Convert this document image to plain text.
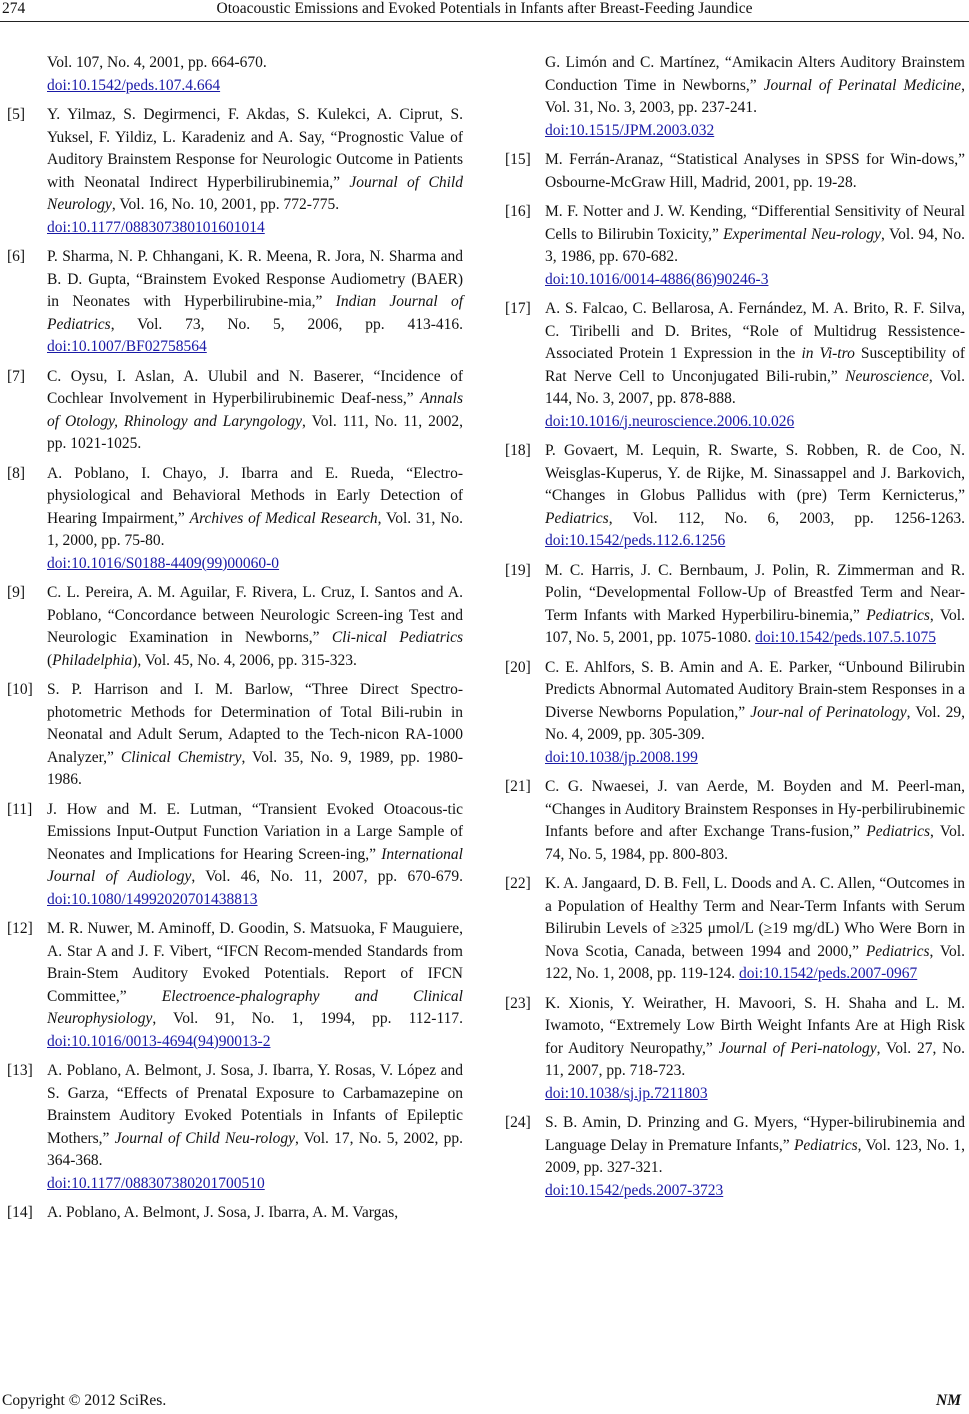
274	Otoacoustic Emissions and Evoked Potentials in Infants after Breast-Feeding Jaundice
Vol. 107, No. 4, 2001, pp. 664-670.
doi:10.1542/peds.107.4.664
[5] Y. Yilmaz, S. Degirmenci, F. Akdas, S. Kulekci, A. Ciprut, S. Yuksel, F. Yildiz, L. Karadeniz and A. Say, “Prognostic Value of Auditory Brainstem Response for Neurologic Outcome in Patients with Neonatal Indirect Hyperbilirubinemia,” Journal of Child Neurology, Vol. 16, No. 10, 2001, pp. 772-775.
doi:10.1177/088307380101601014
[6] P. Sharma, N. P. Chhangani, K. R. Meena, R. Jora, N. Sharma and B. D. Gupta, “Brainstem Evoked Response Audiometry (BAER) in Neonates with Hyperbilirubine-mia,” Indian Journal of Pediatrics, Vol. 73, No. 5, 2006, pp. 413-416. doi:10.1007/BF02758564
[7] C. Oysu, I. Aslan, A. Ulubil and N. Baserer, “Incidence of Cochlear Involvement in Hyperbilirubinemic Deaf-ness,” Annals of Otology, Rhinology and Laryngology, Vol. 111, No. 11, 2002, pp. 1021-1025.
[8] A. Poblano, I. Chayo, J. Ibarra and E. Rueda, “Electro-physiological and Behavioral Methods in Early Detection of Hearing Impairment,” Archives of Medical Research, Vol. 31, No. 1, 2000, pp. 75-80.
doi:10.1016/S0188-4409(99)00060-0
[9] C. L. Pereira, A. M. Aguilar, F. Rivera, L. Cruz, I. Santos and A. Poblano, “Concordance between Neurologic Screen-ing Test and Neurologic Examination in Newborns,” Cli-nical Pediatrics (Philadelphia), Vol. 45, No. 4, 2006, pp. 315-323.
[10] S. P. Harrison and I. M. Barlow, “Three Direct Spectro-photometric Methods for Determination of Total Bili-rubin in Neonatal and Adult Serum, Adapted to the Tech-nicon RA-1000 Analyzer,” Clinical Chemistry, Vol. 35, No. 9, 1989, pp. 1980-1986.
[11] J. How and M. E. Lutman, “Transient Evoked Otoacous-tic Emissions Input-Output Function Variation in a Large Sample of Neonates and Implications for Hearing Screen-ing,” International Journal of Audiology, Vol. 46, No. 11, 2007, pp. 670-679. doi:10.1080/14992020701438813
[12] M. R. Nuwer, M. Aminoff, D. Goodin, S. Matsuoka, F Mauguiere, A. Star A and J. F. Vibert, “IFCN Recom-mended Standards from Brain-Stem Auditory Evoked Potentials. Report of IFCN Committee,” Electroence-phalography and Clinical Neurophysiology, Vol. 91, No. 1, 1994, pp. 112-117. doi:10.1016/0013-4694(94)90013-2
[13] A. Poblano, A. Belmont, J. Sosa, J. Ibarra, Y. Rosas, V. López and S. Garza, “Effects of Prenatal Exposure to Carbamazepine on Brainstem Auditory Evoked Potentials in Infants of Epileptic Mothers,” Journal of Child Neu-rology, Vol. 17, No. 5, 2002, pp. 364-368.
doi:10.1177/088307380201700510
[14] A. Poblano, A. Belmont, J. Sosa, J. Ibarra, A. M. Vargas,
G. Limón and C. Martínez, “Amikacin Alters Auditory Brainstem Conduction Time in Newborns,” Journal of Perinatal Medicine, Vol. 31, No. 3, 2003, pp. 237-241.
doi:10.1515/JPM.2003.032
[15] M. Ferrán-Aranaz, “Statistical Analyses in SPSS for Win-dows,” Osbourne-McGraw Hill, Madrid, 2001, pp. 19-28.
[16] M. F. Notter and J. W. Kending, “Differential Sensitivity of Neural Cells to Bilirubin Toxicity,” Experimental Neu-rology, Vol. 94, No. 3, 1986, pp. 670-682.
doi:10.1016/0014-4886(86)90246-3
[17] A. S. Falcao, C. Bellarosa, A. Fernández, M. A. Brito, R. F. Silva, C. Tiribelli and D. Brites, “Role of Multidrug Ressistence-Associated Protein 1 Expression in the in Vi-tro Susceptibility of Rat Nerve Cell to Unconjugated Bili-rubin,” Neuroscience, Vol. 144, No. 3, 2007, pp. 878-888.
doi:10.1016/j.neuroscience.2006.10.026
[18] P. Govaert, M. Lequin, R. Swarte, S. Robben, R. de Coo, N. Weisglas-Kuperus, Y. de Rijke, M. Sinassappel and J. Barkovich, “Changes in Globus Pallidus with (pre) Term Kernicterus,” Pediatrics, Vol. 112, No. 6, 2003, pp. 1256-1263. doi:10.1542/peds.112.6.1256
[19] M. C. Harris, J. C. Bernbaum, J. Polin, R. Zimmerman and R. Polin, “Developmental Follow-Up of Breastfed Term and Near-Term Infants with Marked Hyperbiliru-binemia,” Pediatrics, Vol. 107, No. 5, 2001, pp. 1075-1080. doi:10.1542/peds.107.5.1075
[20] C. E. Ahlfors, S. B. Amin and A. E. Parker, “Unbound Bilirubin Predicts Abnormal Automated Auditory Brain-stem Responses in a Diverse Newborns Population,” Jour-nal of Perinatology, Vol. 29, No. 4, 2009, pp. 305-309.
doi:10.1038/jp.2008.199
[21] C. G. Nwaesei, J. van Aerde, M. Boyden and M. Peerl-man, “Changes in Auditory Brainstem Responses in Hy-perbilirubinemic Infants before and after Exchange Trans-fusion,” Pediatrics, Vol. 74, No. 5, 1984, pp. 800-803.
[22] K. A. Jangaard, D. B. Fell, L. Doods and A. C. Allen, “Outcomes in a Population of Healthy Term and Near-Term Infants with Serum Bilirubin Levels of ≥325 μmol/L (≥19 mg/dL) Who Were Born in Nova Scotia, Canada, between 1994 and 2000,” Pediatrics, Vol. 122, No. 1, 2008, pp. 119-124. doi:10.1542/peds.2007-0967
[23] K. Xionis, Y. Weirather, H. Mavoori, S. H. Shaha and L. M. Iwamoto, “Extremely Low Birth Weight Infants Are at High Risk for Auditory Neuropathy,” Journal of Peri-natology, Vol. 27, No. 11, 2007, pp. 718-723.
doi:10.1038/sj.jp.7211803
[24] S. B. Amin, D. Prinzing and G. Myers, “Hyper-bilirubinemia and Language Delay in Premature Infants,” Pediatrics, Vol. 123, No. 1, 2009, pp. 327-321.
doi:10.1542/peds.2007-3723
Copyright © 2012 SciRes.	NM
